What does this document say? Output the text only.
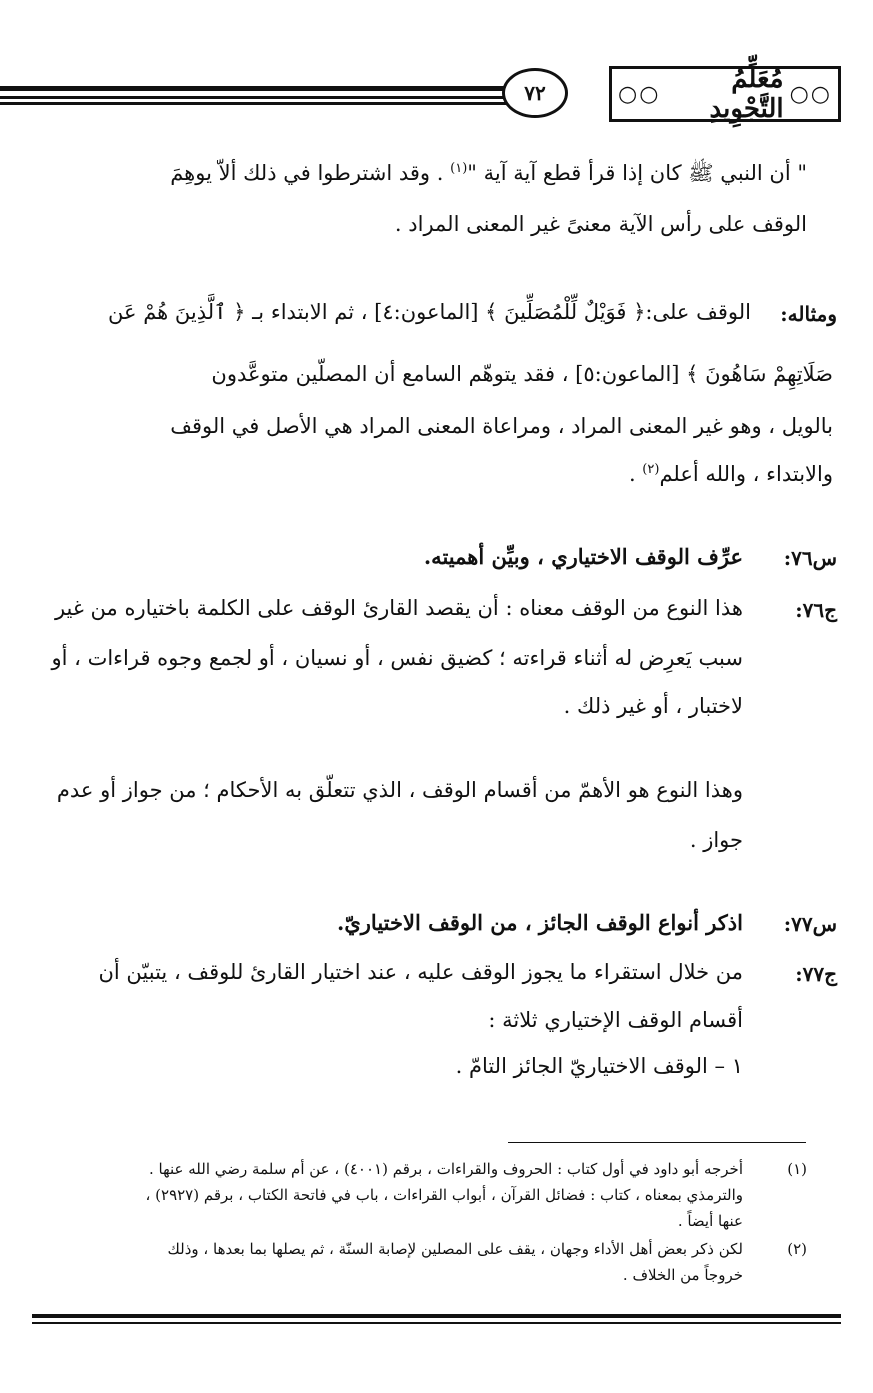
○○
مُعَلِّمُ التَّجْوِيدِ
○○
٧٢
" أن النبي ﷺ كان إذا قرأ قطع آية آية "$^{(١)}$ . وقد اشترطوا في ذلك ألاّ يوهِمَ
الوقف على رأس الآية معنىً غير المعنى المراد .
ومثاله:
الوقف على:﴿ فَوَيْلٌ لِّلْمُصَلِّينَ ﴾ [الماعون:٤] ، ثم الابتداء بـ ﴿ ٱلَّذِينَ هُمْ عَن
صَلَاتِهِمْ سَاهُونَ ﴾ [الماعون:٥] ، فقد يتوهّم السامع أن المصلّين متوعَّدون
بالويل ، وهو غير المعنى المراد ، ومراعاة المعنى المراد هي الأصل في الوقف
والابتداء ، والله أعلم$^{(٢)}$ .
س٧٦:
عرِّف الوقف الاختياري ، وبيِّن أهميته.
ج٧٦:
هذا النوع من الوقف معناه : أن يقصد القارئ الوقف على الكلمة باختياره من غير
سبب يَعرِض له أثناء قراءته ؛ كضيق نفس ، أو نسيان ، أو لجمع وجوه قراءات ، أو
لاختبار ، أو غير ذلك .
وهذا النوع هو الأهمّ من أقسام الوقف ، الذي تتعلّق به الأحكام ؛ من جواز أو عدم
جواز .
س٧٧:
اذكر أنواع الوقف الجائز ، من الوقف الاختياريّ.
ج٧٧:
من خلال استقراء ما يجوز الوقف عليه ، عند اختيار القارئ للوقف ، يتبيّن أن
أقسام الوقف الإختياري ثلاثة :
١ – الوقف الاختياريّ الجائز التامّ .
(١)
أخرجه أبو داود في أول كتاب : الحروف والقراءات ، برقم (٤٠٠١) ، عن أم سلمة رضي الله عنها .
والترمذي بمعناه ، كتاب : فضائل القرآن ، أبواب القراءات ، باب في فاتحة الكتاب ، برقم (٢٩٢٧) ،
عنها أيضاً .
(٢)
لكن ذكر بعض أهل الأداء وجهان ، يقف على المصلين لإصابة السنّة ، ثم يصلها بما بعدها ، وذلك
خروجاً من الخلاف .
